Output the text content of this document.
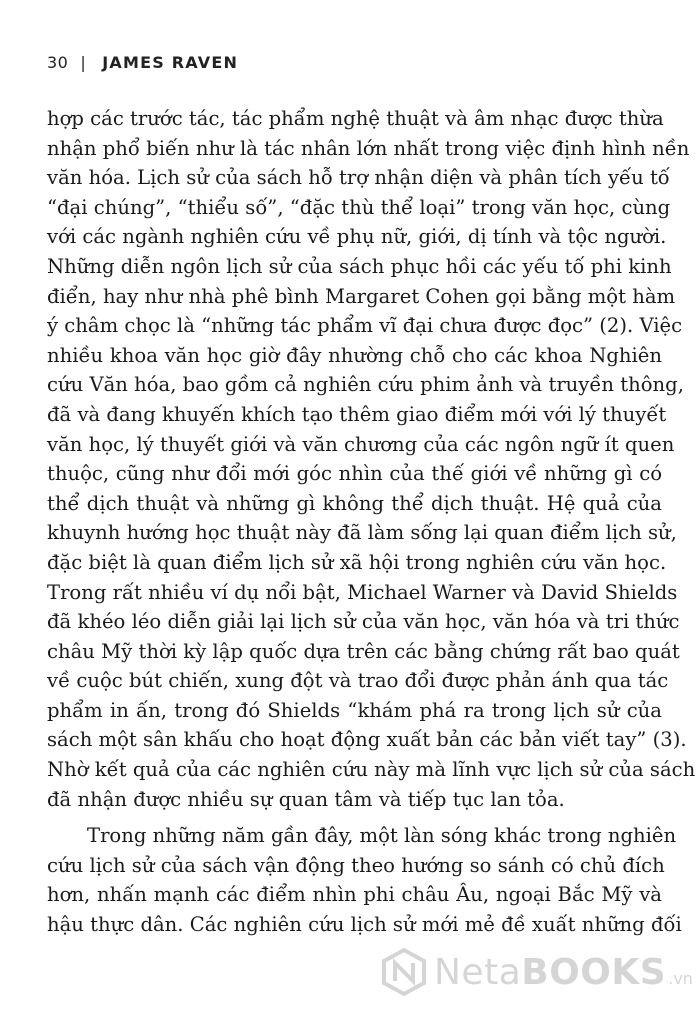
30 | JAMES RAVEN
hợp các trước tác, tác phẩm nghệ thuật và âm nhạc được thừa
nhận phổ biến như là tác nhân lớn nhất trong việc định hình nền
văn hóa. Lịch sử của sách hỗ trợ nhận diện và phân tích yếu tố
“đại chúng”, “thiểu số”, “đặc thù thể loại” trong văn học, cùng
với các ngành nghiên cứu về phụ nữ, giới, dị tính và tộc người.
Những diễn ngôn lịch sử của sách phục hồi các yếu tố phi kinh
điển, hay như nhà phê bình Margaret Cohen gọi bằng một hàm
ý châm chọc là “những tác phẩm vĩ đại chưa được đọc” (2). Việc
nhiều khoa văn học giờ đây nhường chỗ cho các khoa Nghiên
cứu Văn hóa, bao gồm cả nghiên cứu phim ảnh và truyền thông,
đã và đang khuyến khích tạo thêm giao điểm mới với lý thuyết
văn học, lý thuyết giới và văn chương của các ngôn ngữ ít quen
thuộc, cũng như đổi mới góc nhìn của thế giới về những gì có
thể dịch thuật và những gì không thể dịch thuật. Hệ quả của
khuynh hướng học thuật này đã làm sống lại quan điểm lịch sử,
đặc biệt là quan điểm lịch sử xã hội trong nghiên cứu văn học.
Trong rất nhiều ví dụ nổi bật, Michael Warner và David Shields
đã khéo léo diễn giải lại lịch sử của văn học, văn hóa và tri thức
châu Mỹ thời kỳ lập quốc dựa trên các bằng chứng rất bao quát
về cuộc bút chiến, xung đột và trao đổi được phản ánh qua tác
phẩm in ấn, trong đó Shields “khám phá ra trong lịch sử của
sách một sân khấu cho hoạt động xuất bản các bản viết tay” (3).
Nhờ kết quả của các nghiên cứu này mà lĩnh vực lịch sử của sách
đã nhận được nhiều sự quan tâm và tiếp tục lan tỏa.
Trong những năm gần đây, một làn sóng khác trong nghiên
cứu lịch sử của sách vận động theo hướng so sánh có chủ đích
hơn, nhấn mạnh các điểm nhìn phi châu Âu, ngoại Bắc Mỹ và
hậu thực dân. Các nghiên cứu lịch sử mới mẻ đề xuất những đối
NetaBOOKS .vn
